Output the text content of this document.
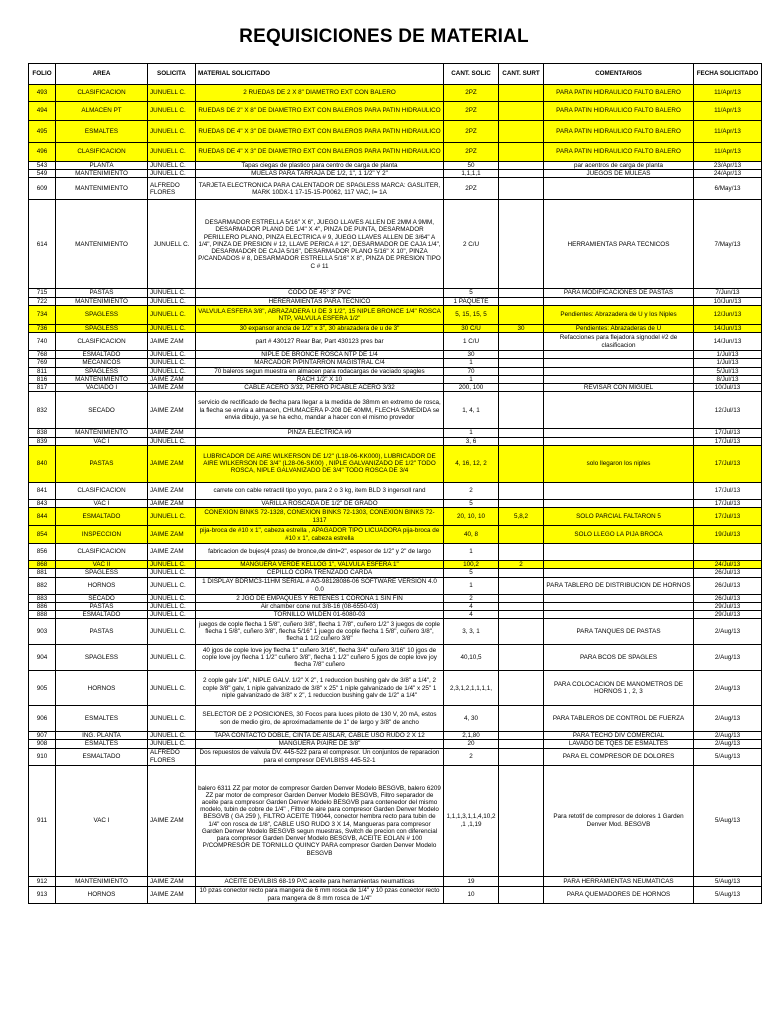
REQUISICIONES DE MATERIAL
FOLIO	AREA	SOLICITA	MATERIAL SOLICITADO	CANT. SOLIC	CANT. SURT	COMENTARIOS	FECHA SOLICITADO
493	CLASIFICACION	JUNUELL C.	2 RUEDAS DE 2 X 8" DIAMETRO EXT CON BALERO	2PZ		PARA PATIN HIDRAULICO FALTO BALERO	11/Apr/13
494	ALMACEN PT	JUNUELL C.	RUEDAS DE 2" X 8" DE DIAMETRO EXT CON BALEROS PARA PATIN HIDRAULICO	2PZ		PARA PATIN HIDRAULICO FALTO BALERO	11/Apr/13
495	ESMALTES	JUNUELL C.	RUEDAS DE 4" X 3" DE DIAMETRO EXT CON BALEROS PARA PATIN HIDRAULICO	2PZ		PARA PATIN HIDRAULICO FALTO BALERO	11/Apr/13
496	CLASIFICACION	JUNUELL C.	RUEDAS DE 4" X 3" DE DIAMETRO EXT CON BALEROS PARA PATIN HIDRAULICO	2PZ		PARA PATIN HIDRAULICO FALTO BALERO	11/Apr/13
543	PLANTA	JUNUELL C.	Tapas ciegas de plastico para centro de carga de planta	50		par acentros de carga de planta	23/Apr/13
549	MANTENIMIENTO	JUNUELL C.	MUELAS PARA TARRAJA DE 1/2, 1", 1 1/2" Y 2"	1,1,1,1		JUEGOS DE MULEAS	24/Apr/13
609	MANTENIMIENTO	ALFREDO FLORES	TARJETA ELECTRONICA PARA CALENTADOR DE SPAGLESS MARCA: GASLITER, MARK 10DX-1 17-15-15-P0062, 117 VAC, I= 1A	2PZ			6/May/13
614	MANTENIMIENTO	JUNUELL C.	DESARMADOR ESTRELLA 5/16" X 6", JUEGO LLAVES ALLEN DE 2MM A 9MM, DESARMADOR PLANO DE 1/4" X 4", PINZA DE PUNTA, DESARMADOR PERILLERO PLANO, PINZA ELECTRICA # 9, JUEGO LLAVES ALLEN DE 3/64" A 1/4", PINZA DE PRESION # 12, LLAVE PERICA # 12", DESARMADOR DE CAJA 1/4", DESARMADOR DE CAJA 5/16", DESARMADOR PLANO 5/16" X 10", PINZA P/CANDADOS # 8, DESARMADOR ESTRELLA 5/16" X 8", PINZA DE PRESION TIPO C # 11	2 C/U		HERRAMIENTAS PARA TECNICOS	7/May/13
715	PASTAS	JUNUELL C.	CODO DE 45° 3" PVC	5		PARA MODIFICACIONES DE PASTAS	7/Jun/13
722	MANTENIMIENTO	JUNUELL C.	HERERAMIENTAS PARA TECNICO	1 PAQUETE			10/Jun/13
734	SPAGLESS	JUNUELL C.	VALVULA ESFERA 3/8", ABRAZADERA U DE 3 1/2", 15 NIPLE BRONCE 1/4" ROSCA NTP, VALVULA ESFERA 1/2"	5, 15, 15, 5		Pendientes: Abrazadera de U y los Niples	12/Jun/13
736	SPAGLESS	JUNUELL C.	30 expansor ancla de 1/2" x 3", 30 abrazadera de u de 3"	30 C/U	30	Pendientes: Abrazaderas de U	14/Jun/13
740	CLASIFICACION	JAIME ZAM	part # 430127 Rear Bar, Part 430123 pres bar	1 C/U		Refacciones para flejadora signodel #2 de clasificacion	14/Jun/13
768	ESMALTADO	JUNUELL C.	NIPLE DE BRONCE ROSCA NTP DE 1/4	30			1/Jul/13
769	MECANICOS	JUNUELL C.	MARCADOR P/PINTARRON MAGISTRAL C/4	1			1/Jul/13
811	SPAGLESS	JUNUELL C.	70 baleros segun muestra en almacen para rodacargas de vaciado spagles	70			5/Jul/13
816	MANTENIMIENTO	JAIME ZAM	RACH 1/2" X 10	1			8/Jul/13
817	VACIADO I	JAIME ZAM	CABLE ACERO 3/32, PERRO P/CABLE ACERO 3/32	200, 100		REVISAR CON MIGUEL	10/Jul/13
832	SECADO	JAIME ZAM	servicio de rectificado de flecha para llegar a la medida de 38mm en extremo de rosca, la flecha se envia a almacen, CHUMACERA P-208 DE 40MM, FLECHA S/MEDIDA se envia dibujo, ya se ha echo, mandar a hacer con el mismo provedor	1, 4, 1			12/Jul/13
838	MANTENIMIENTO	JAIME ZAM	PINZA ELECTRICA #9	1			17/Jul/13
839	VAC I	JUNUELL C.		3, 6			17/Jul/13
840	PASTAS	JAIME ZAM	LUBRICADOR DE AIRE WILKERSON DE 1/2" (L18-06-KK000), LUBRICADOR DE AIRE WILKERSON DE 3/4" (L28-06-SK00) , NIPLE GALVANIZADO DE 1/2" TODO ROSCA, NIPLE GALVANIZADO DE 3/4" TODO ROSCA DE 3/4	4, 16, 12, 2		solo llegaron los niples	17/Jul/13
841	CLASIFICACION	JAIME ZAM	carrete con cable retractil tipo yoyo, para 2 o 3 kg, item BLD 3 ingersoll rand	2			17/Jul/13
843	VAC I	JAIME ZAM	VARILLA ROSCADA DE 1/2" DE GRADO	5			17/Jul/13
844	ESMALTADO	JUNUELL C.	CONEXION BINKS 72-1328, CONEXION BINKS 72-1303, CONEXION BINKS 72-1317	20, 10, 10	5,8,2	SOLO PARCIAL FALTARON 5	17/Jul/13
854	INSPECCION	JAIME ZAM	pija-broca de #10 x 1", cabeza estrella , APAGADOR TIPO LICUADORA pija-broca de #10 x 1", cabeza estrella	40, 8		SOLO LLEGO LA PIJA BROCA	19/Jul/13
856	CLASIFICACION	JAIME ZAM	fabricacion de bujes(4 pzas) de bronce,de dint=2", espesor de 1/2" y 2" de largo	1			
868	VAC II	JUNUELL C.	MANGUERA VERDE KELLOG 1", VALVULA ESFERA 1"	100,2	2		24/Jul/13
881	SPAGLESS	JUNUELL C.	CEPILLO COPA TRENZADO CARDA	5			26/Jul/13
882	HORNOS	JUNUELL C.	1 DISPLAY BDRMC3-11HM SERIAL # AG-98128086-06 SOFTWARE VERSION 4.0 0.0	1		PARA TABLERO DE DISTRIBUCION DE HORNOS	26/Jul/13
883	SECADO	JUNUELL C.	2 JGO DE EMPAQUES Y RETENES 1 CORONA 1 SIN FIN	2			26/Jul/13
886	PASTAS	JUNUELL C.	Air chamber cone nut 3/8-16 (08-6550-03)	4			29/Jul/13
888	ESMALTADO	JUNUELL C.	TORNILLO WILDEN 01-6080-03	4			29/Jul/13
903	PASTAS	JUNUELL C.	juegos de cople flecha 1 5/8", cuñero 3/8", flecha 1 7/8", cuñero 1/2" 3 juegos de cople flecha 1 5/8", cuñero 3/8", flecha 5/16" 1 juego de cople flecha 1 5/8", cuñero 3/8", flecha 1 1/2 cuñero 3/8"	3, 3, 1		PARA TANQUES DE PASTAS	2/Aug/13
904	SPAGLESS	JUNUELL C.	40 jgos de cople love joy flecha 1" cuñero 3/16", flecha 3/4" cuñero 3/16" 10 jgos de cople love joy flecha 1 1/2" cuñero 3/8", flecha 1 1/2" cuñero 5 jgos de cople love joy flecha 7/8" cuñero	40,10,5		PARA BCOS DE SPAGLES	2/Aug/13
905	HORNOS	JUNUELL C.	2 cople galv 1/4", NIPLE GALV. 1/2" X 2", 1 reduccion bushing galv de 3/8" a 1/4", 2 cople 3/8" galv, 1 niple galvanizado de 3/8" x 25" 1 niple galvanizado de 1/4" x 25" 1 niple galvanizado de 3/8" x 2", 1 reduccion bushing galv de 1/2" a 1/4"	2,3,1,2,1,1,1,1,		PARA COLOCACION DE MANOMETROS DE HORNOS 1 , 2, 3	2/Aug/13
906	ESMALTES	JUNUELL C.	SELECTOR DE 2 POSICIONES, 30 Focos para luces piloto de 130 V, 20 mA, estos son de medio giro, de aproximadamente de 1" de largo y 3/8" de ancho	4, 30		PARA TABLEROS DE CONTROL DE FUERZA	2/Aug/13
907	ING. PLANTA	JUNUELL C.	TAPA CONTACTO DOBLE, CINTA DE AISLAR, CABLE USO RUDO 2 X 12	2,1,80		PARA TECHO DIV COMERCIAL	2/Aug/13
908	ESMALTES	JUNUELL C.	MANGUERA P/AIRE DE 3/8"	20		LAVADO DE TQES DE ESMALTES	2/Aug/13
910	ESMALTADO	ALFREDO FLORES	Dos repuestos de valvula DV. 445-522 para el compresor. Un conjuntos de reparacion para el compresor DEVILBISS 445-52-1	2		PARA EL COMPRESOR DE DOLORES	5/Aug/13
911	VAC I	JAIME ZAM	balero 6311 ZZ par motor de compresor Garden Denver Modelo BESGVB, balero 6209 ZZ par motor de compresor Garden Denver Modelo BESGVB, Filtro separador de aceite para compresor Garden Denver Modelo BESGVB para contenedor del mismo modelo, tubin de cobre de 1/4" , Filtro de aire para compresor Garden Denver Modelo BESGVB ( GA 259 ), FILTRO ACEITE TI9044, conector hembra recto para tubin de 1/4" con rosca de 1/8", CABLE USO RUDO 3 X 14, Mangueras para compresor Garden Denver Modelo BESGVB segun muestras, Switch de precion con diferencial para compresor Garden Denver Modelo BESGVB, ACEITE EOLAN # 100 P/COMPRESOR DE TORNILLO QUINCY PARA compresor Garden Denver Modelo BESGVB	1,1,1,3,1,1,4,10,2,1 ,1,19		Para retotif de compresor de dolores 1 Garden Denver Mod. BESGVB	5/Aug/13
912	MANTENIMIENTO	JAIME ZAM	ACEITE DEVILBIS 68-19 P/C aceite para herramientas neumatticas	19		PARA HERRAMIENTAS NEUMATICAS	5/Aug/13
913	HORNOS	JAIME ZAM	10 pzas conector recto para mangera de 6 mm rosca de 1/4" y 10 pzas conector recto para mangera de 8 mm rosca de 1/4"	10		PARA QUEMADORES DE HORNOS	5/Aug/13
